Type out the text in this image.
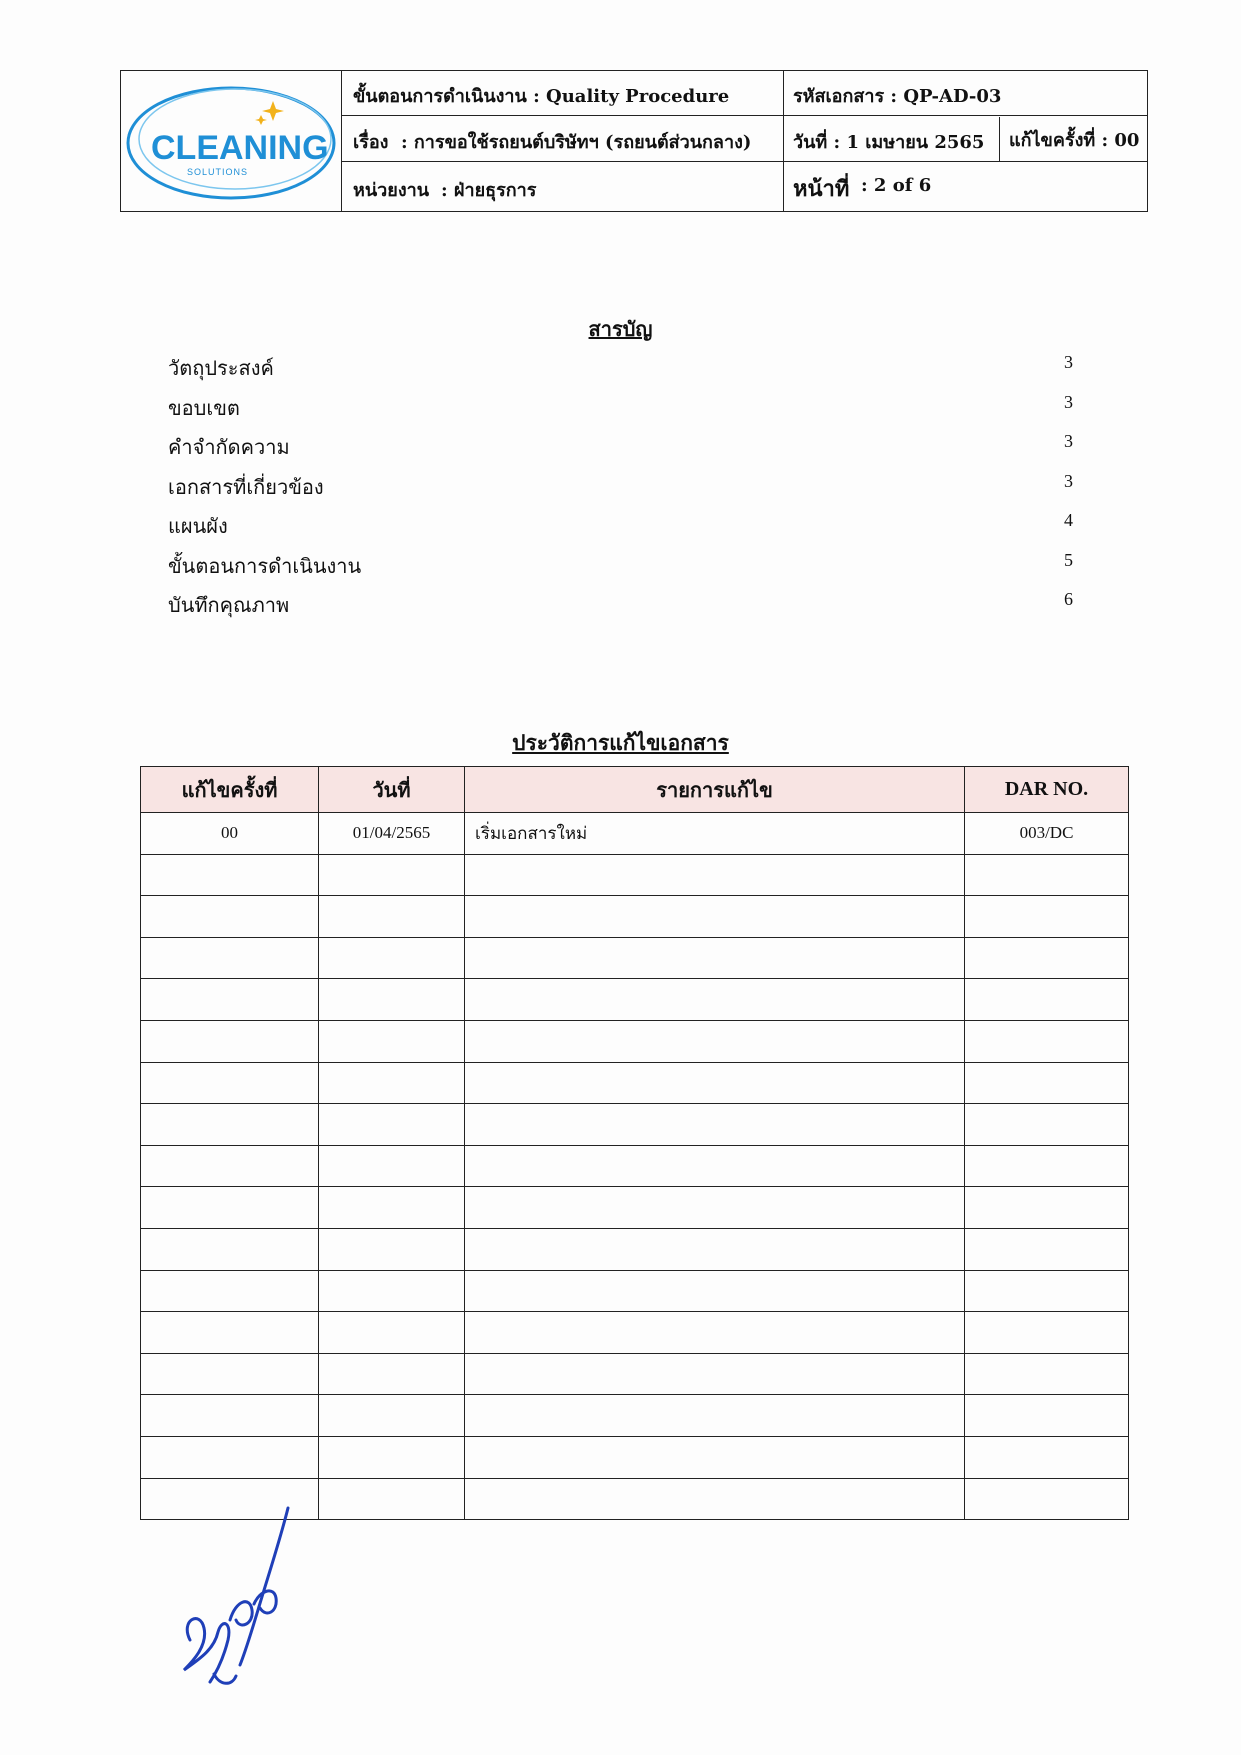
CLEANING
SOLUTIONS
ขั้นตอนการดำเนินงาน : Quality Procedure	รหัสเอกสาร : QP-AD-03
เรื่อง : การขอใช้รถยนต์บริษัทฯ (รถยนต์ส่วนกลาง) วันที่ : 1 เมษายน 2565 แก้ไขครั้งที่ : 00
หน่วยงาน : ฝ่ายธุรการ	หน้าที่ : 2 of 6
สารบัญ
วัตถุประสงค์	3
ขอบเขต	3
คำจำกัดความ	3
เอกสารที่เกี่ยวข้อง	3
แผนผัง	4
ขั้นตอนการดำเนินงาน	5
บันทึกคุณภาพ	6
ประวัติการแก้ไขเอกสาร
แก้ไขครั้งที่	วันที่	รายการแก้ไข	DAR NO.
00	01/04/2565	เริ่มเอกสารใหม่	003/DC
